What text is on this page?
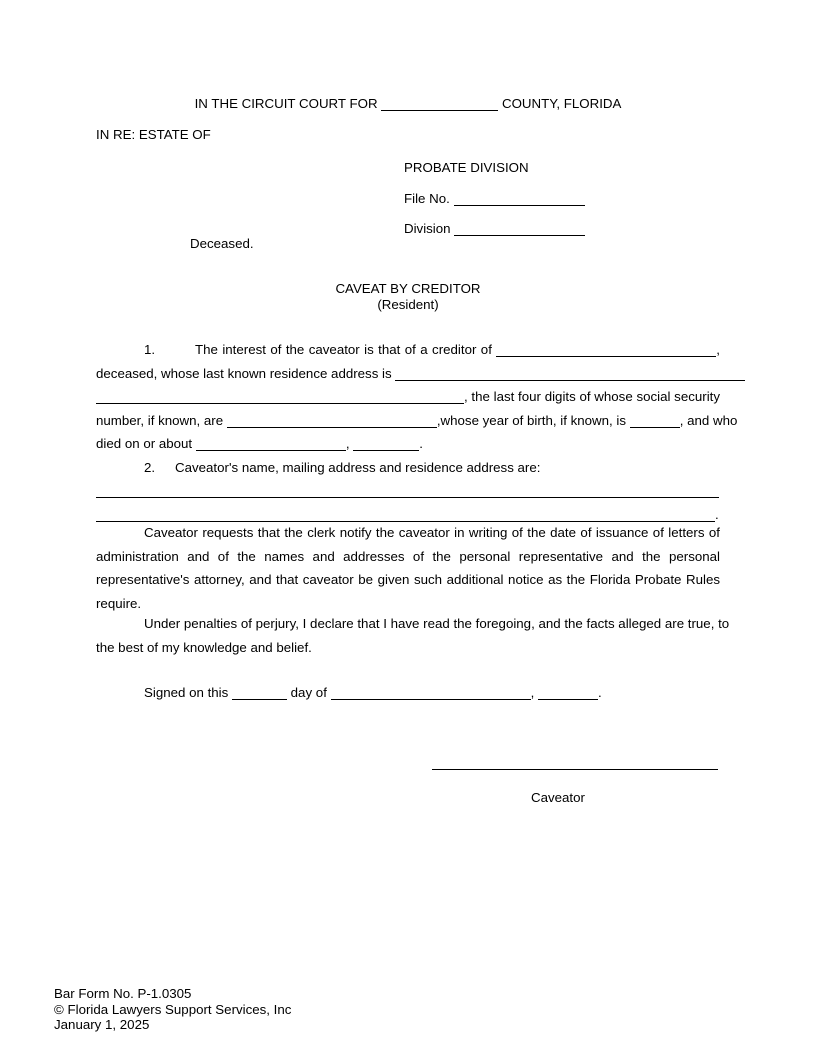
IN THE CIRCUIT COURT FOR	COUNTY, FLORIDA
IN RE: ESTATE OF
PROBATE DIVISION
File No.
Division
Deceased.
CAVEAT BY CREDITOR
(Resident)
1.	The interest of the caveator is that of a creditor of	,
deceased, whose last known residence address is
, the last four digits of whose social security
number, if known, are	,whose year of birth, if known, is	, and who
died on or about	,	.
2. Caveator's name, mailing address and residence address are:
.
Caveator requests that the clerk notify the caveator in writing of the date of issuance of letters of
administration and of the names and addresses of the personal representative and the personal
representative's attorney, and that caveator be given such additional notice as the Florida Probate Rules
require.
Under penalties of perjury, I declare that I have read the foregoing, and the facts alleged are true, to
the best of my knowledge and belief.
Signed on this	day of	,	.
Caveator
Bar Form No. P-1.0305
© Florida Lawyers Support Services, Inc
January 1, 2025
